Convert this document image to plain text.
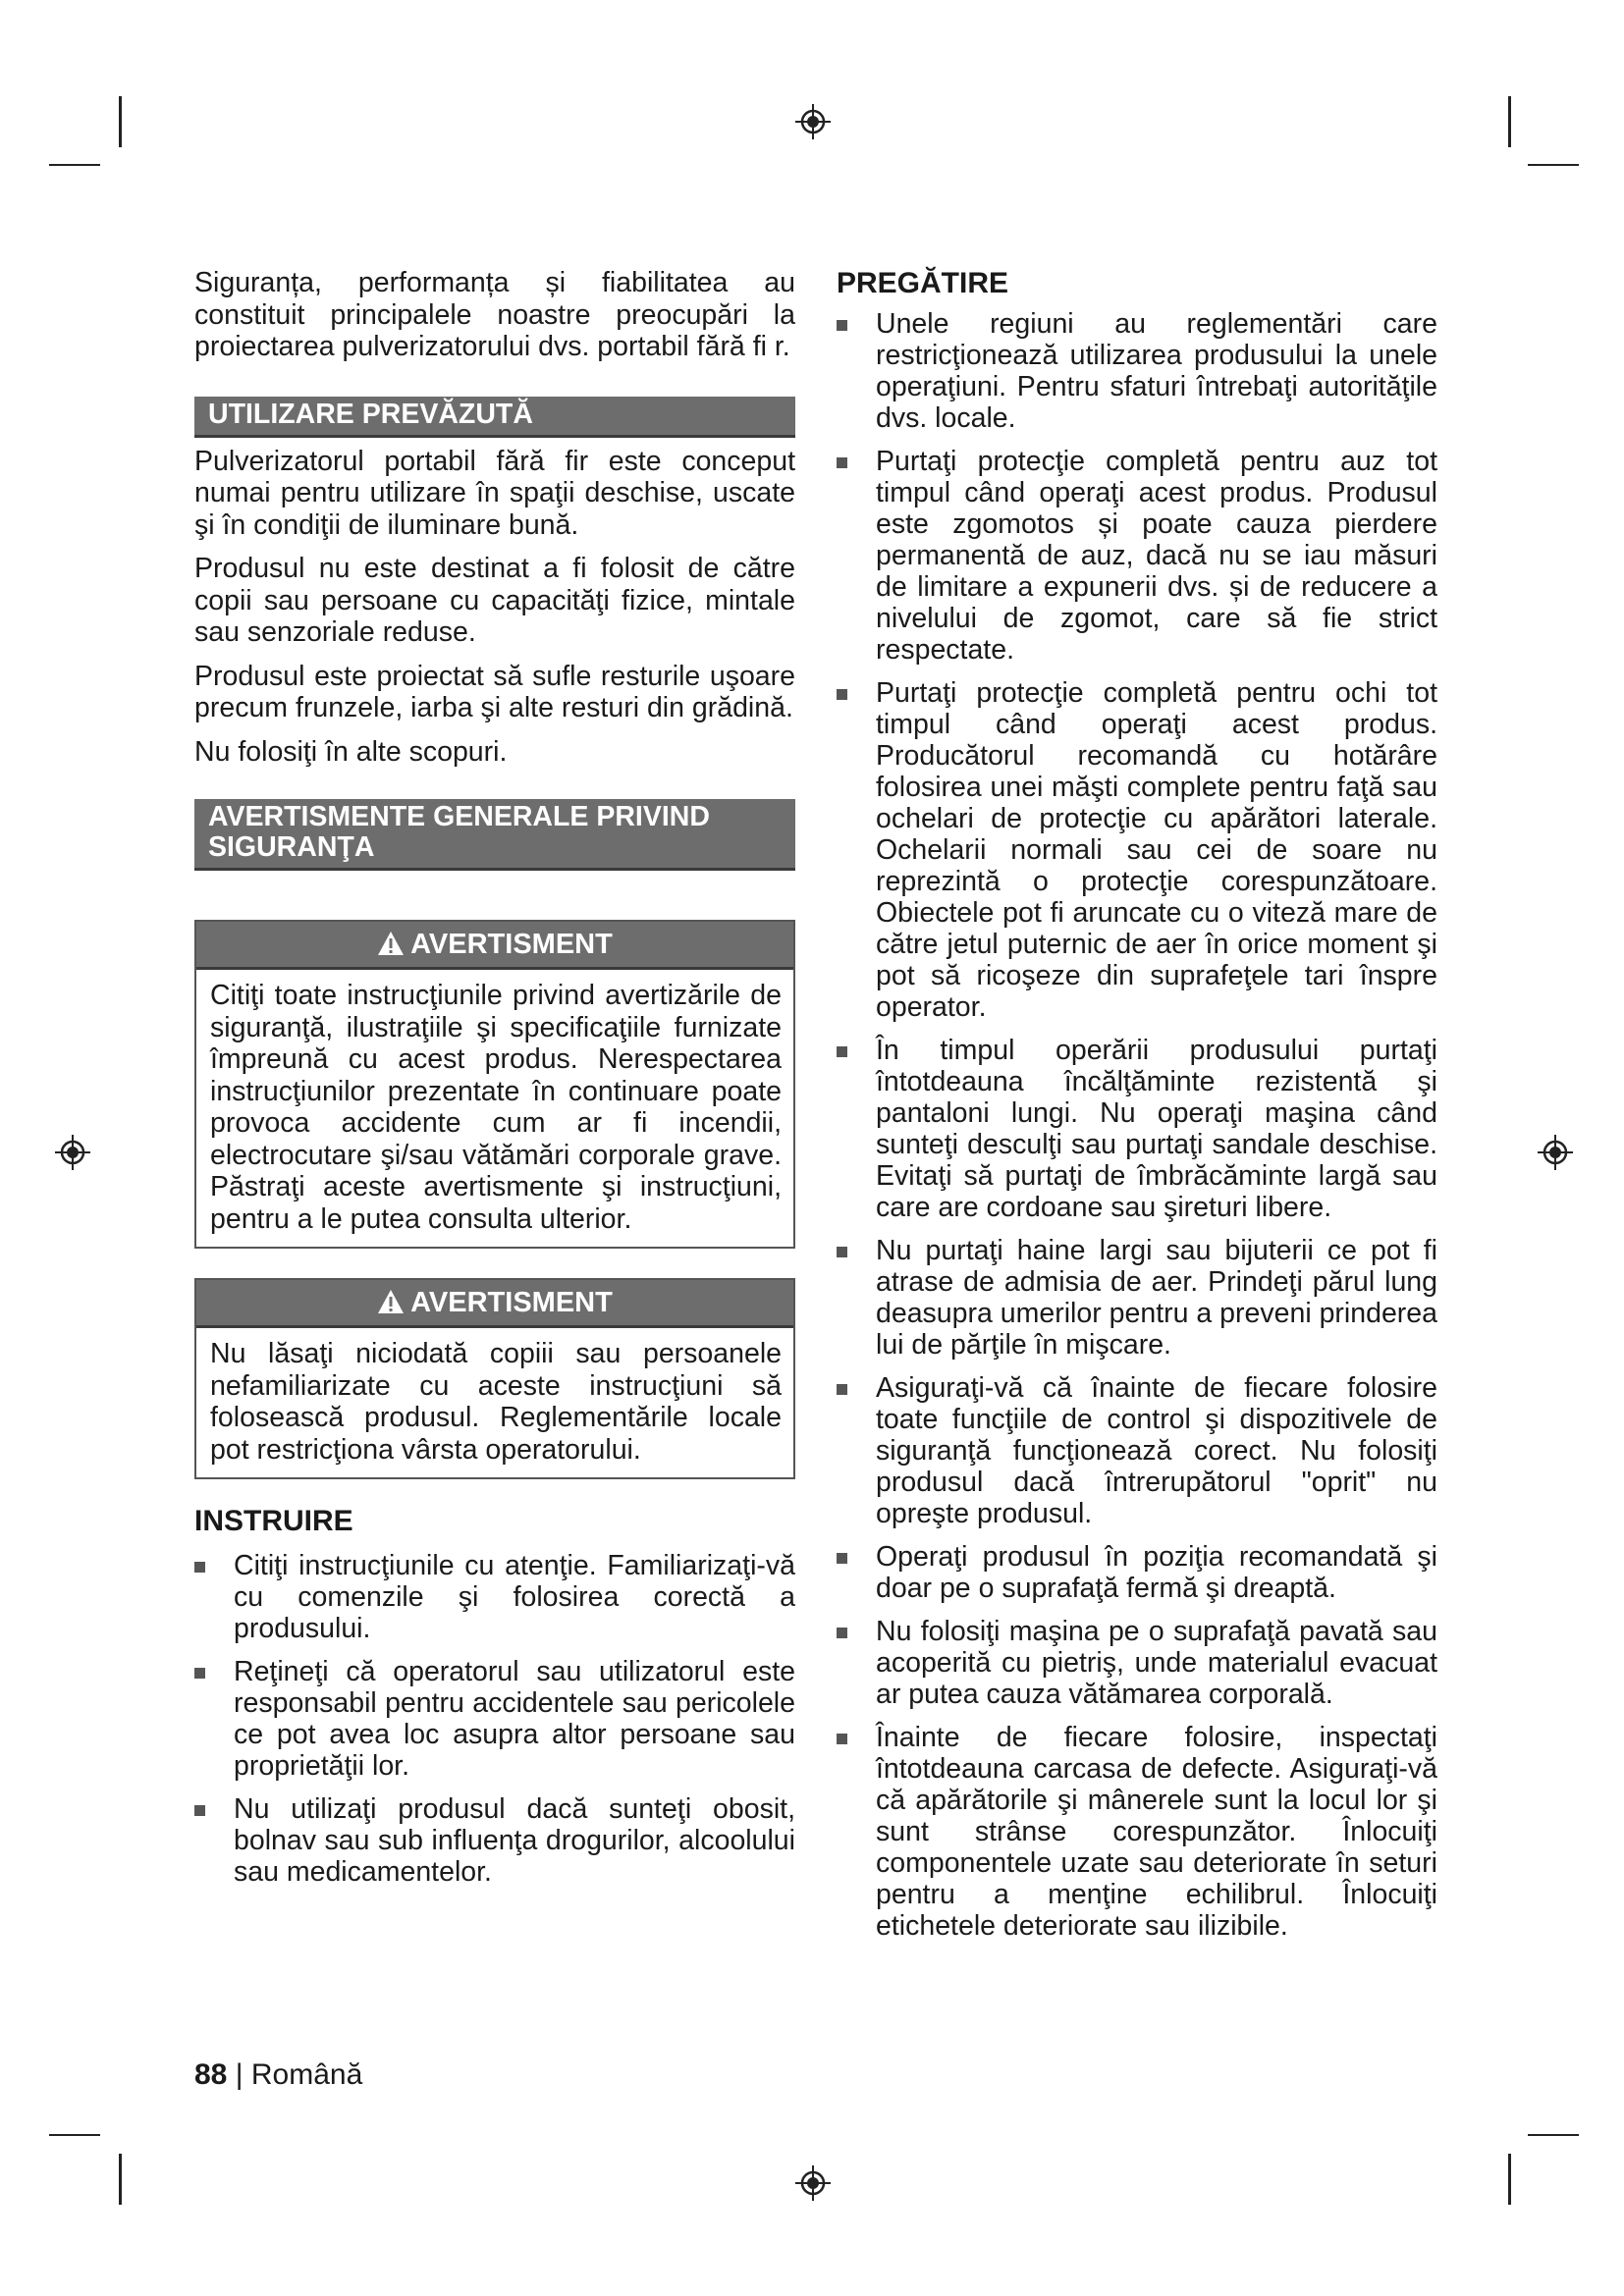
Siguranța, performanța și fiabilitatea au constituit principalele noastre preocupări la proiectarea pulverizatorului dvs. portabil fără fi r.

UTILIZARE PREVĂZUTĂ

Pulverizatorul portabil fără fir este conceput numai pentru utilizare în spaţii deschise, uscate şi în condiţii de iluminare bună.

Produsul nu este destinat a fi folosit de către copii sau persoane cu capacităţi fizice, mintale sau senzoriale reduse.

Produsul este proiectat să sufle resturile uşoare precum frunzele, iarba şi alte resturi din grădină.

Nu folosiţi în alte scopuri.

AVERTISMENTE GENERALE PRIVIND SIGURANŢA
AVERTISMENT

Citiţi toate instrucţiunile privind avertizările de siguranţă, ilustraţiile şi specificaţiile furnizate împreună cu acest produs. Nerespectarea instrucţiunilor prezentate în continuare poate provoca accidente cum ar fi incendii, electrocutare şi/sau vătămări corporale grave. Păstraţi aceste avertismente şi instrucţiuni, pentru a le putea consulta ulterior.

AVERTISMENT

Nu lăsaţi niciodată copiii sau persoanele nefamiliarizate cu aceste instrucţiuni să folosească produsul. Reglementările locale pot restricţiona vârsta operatorului.

INSTRUIRE
Citiţi instrucţiunile cu atenţie. Familiarizaţi-vă cu comenzile şi folosirea corectă a produsului.
Reţineţi că operatorul sau utilizatorul este responsabil pentru accidentele sau pericolele ce pot avea loc asupra altor persoane sau proprietăţii lor.
Nu utilizaţi produsul dacă sunteţi obosit, bolnav sau sub influenţa drogurilor, alcoolului sau medicamentelor.
PREGĂTIRE
Unele regiuni au reglementări care restricţionează utilizarea produsului la unele operaţiuni. Pentru sfaturi întrebaţi autorităţile dvs. locale.
Purtaţi protecţie completă pentru auz tot timpul când operaţi acest produs. Produsul este zgomotos și poate cauza pierdere permanentă de auz, dacă nu se iau măsuri de limitare a expunerii dvs. și de reducere a nivelului de zgomot, care să fie strict respectate.
Purtaţi protecţie completă pentru ochi tot timpul când operaţi acest produs. Producătorul recomandă cu hotărâre folosirea unei măşti complete pentru faţă sau ochelari de protecţie cu apărători laterale. Ochelarii normali sau cei de soare nu reprezintă o protecţie corespunzătoare. Obiectele pot fi aruncate cu o viteză mare de către jetul puternic de aer în orice moment şi pot să ricoşeze din suprafeţele tari înspre operator.
În timpul operării produsului purtaţi întotdeauna încălţăminte rezistentă şi pantaloni lungi. Nu operaţi maşina când sunteţi desculţi sau purtaţi sandale deschise. Evitaţi să purtaţi de îmbrăcăminte largă sau care are cordoane sau şireturi libere.
Nu purtaţi haine largi sau bijuterii ce pot fi atrase de admisia de aer. Prindeţi părul lung deasupra umerilor pentru a preveni prinderea lui de părţile în mişcare.
Asiguraţi-vă că înainte de fiecare folosire toate funcţiile de control şi dispozitivele de siguranţă funcţionează corect. Nu folosiţi produsul dacă întrerupătorul "oprit" nu opreşte produsul.
Operaţi produsul în poziţia recomandată şi doar pe o suprafaţă fermă şi dreaptă.
Nu folosiţi maşina pe o suprafaţă pavată sau acoperită cu pietriş, unde materialul evacuat ar putea cauza vătămarea corporală.
Înainte de fiecare folosire, inspectaţi întotdeauna carcasa de defecte. Asiguraţi-vă că apărătorile şi mânerele sunt la locul lor şi sunt strânse corespunzător. Înlocuiţi componentele uzate sau deteriorate în seturi pentru a menţine echilibrul. Înlocuiţi etichetele deteriorate sau ilizibile.
88 | Română
